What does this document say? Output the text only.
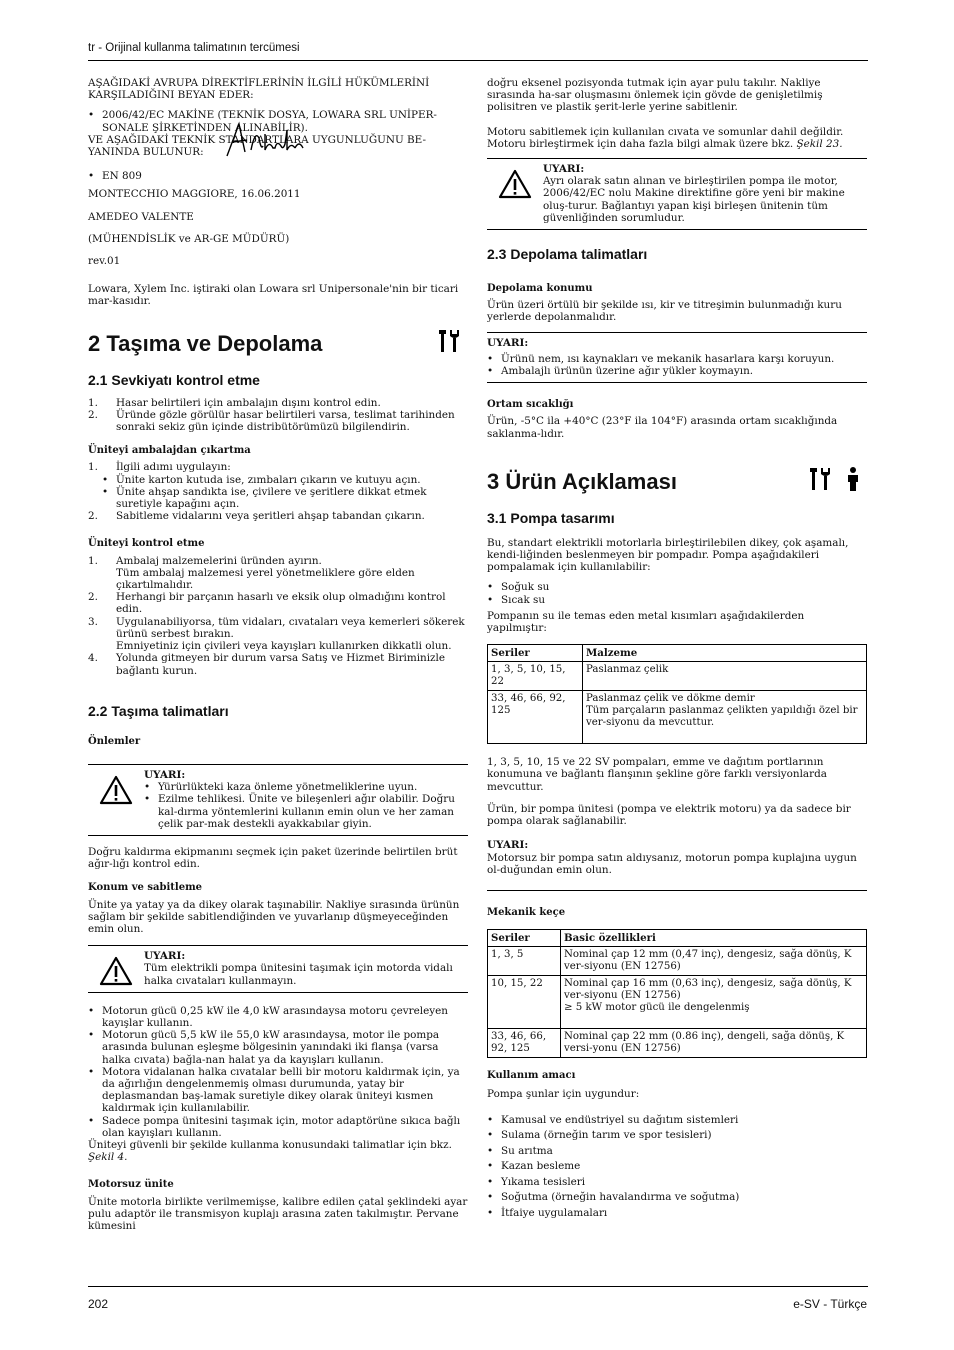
tr - Orijinal kullanma talimatının tercümesi

AŞAĞIDAKİ AVRUPA DİREKTİFLERİNİN İLGİLİ HÜKÜMLERİNİ KARŞILADIĞINI BEYAN EDER:

• 2006/42/EC MAKİNE (TEKNİK DOSYA, LOWARA SRL UNİPER-SONALE ŞİRKETİNDEN ALINABİLİR).

VE AŞAĞIDAKİ TEKNİK STANDARTLARA UYGUNLUĞUNU BE-YANINDA BULUNUR:

• EN 809

MONTECCHIO MAGGIORE, 16.06.2011

AMEDEO VALENTE

(MÜHENDİSLİK ve AR-GE MÜDÜRÜ)

rev.01

Lowara, Xylem Inc. iştiraki olan Lowara srl Unipersonale'nin bir ticari mar-kasıdır.

2 Taşıma ve Depolama
2.1 Sevkiyatı kontrol etme
1. Hasar belirtileri için ambalajın dışını kontrol edin.
2. Üründe gözle görülür hasar belirtileri varsa, teslimat tarihinden sonraki sekiz gün içinde distribütörümüzü bilgilendirin.

Üniteyi ambalajdan çıkartma

1. İlgili adımı uygulayın:
• Ünite karton kutuda ise, zımbaları çıkarın ve kutuyu açın.
• Ünite ahşap sandıkta ise, çivilere ve şeritlere dikkat etmek suretiyle kapağını açın.
2. Sabitleme vidalarını veya şeritleri ahşap tabandan çıkarın.

Üniteyi kontrol etme

1. Ambalaj malzemelerini üründen ayırın.
Tüm ambalaj malzemesi yerel yönetmeliklere göre elden çıkartılmalıdır.
2. Herhangi bir parçanın hasarlı ve eksik olup olmadığını kontrol edin.
3. Uygulanabiliyorsa, tüm vidaları, cıvataları veya kemerleri sökerek ürünü serbest bırakın.
Emniyetiniz için çivileri veya kayışları kullanırken dikkatli olun.
4. Yolunda gitmeyen bir durum varsa Satış ve Hizmet Biriminizle bağlantı kurun.
2.2 Taşıma talimatları

Önlemler

UYARI:

• Yürürlükteki kaza önleme yönetmeliklerine uyun.
• Ezilme tehlikesi. Ünite ve bileşenleri ağır olabilir. Doğru kal-dırma yöntemlerini kullanın emin olun ve her zaman çelik par-mak destekli ayakkabılar giyin.

Doğru kaldırma ekipmanını seçmek için paket üzerinde belirtilen brüt ağır-lığı kontrol edin.

Konum ve sabitleme

Ünite ya yatay ya da dikey olarak taşınabilir. Nakliye sırasında ürünün sağlam bir şekilde sabitlendiğinden ve yuvarlanıp düşmeyeceğinden emin olun.

UYARI:

Tüm elektrikli pompa ünitesini taşımak için motorda vidalı halka cıvataları kullanmayın.

• Motorun gücü 0,25 kW ile 4,0 kW arasındaysa motoru çevreleyen kayışlar kullanın.
• Motorun gücü 5,5 kW ile 55,0 kW arasındaysa, motor ile pompa arasında bulunan eşleşme bölgesinin yanındaki iki flanşa (varsa halka cıvata) bağla-nan halat ya da kayışları kullanın.
• Motora vidalanan halka cıvatalar belli bir motoru kaldırmak için, ya da ağırlığın dengelenmemiş olması durumunda, yatay bir deplasmandan baş-lamak suretiyle dikey olarak üniteyi kısmen kaldırmak için kullanılabilir.
• Sadece pompa ünitesini taşımak için, motor adaptörüne sıkıca bağlı olan kayışları kullanın.

Üniteyi güvenli bir şekilde kullanma konusundaki talimatlar için bkz. Şekil 4.

Motorsuz ünite

Ünite motorla birlikte verilmemişse, kalibre edilen çatal şeklindeki ayar pulu adaptör ile transmisyon kuplajı arasına zaten takılmıştır. Pervane kümesini

doğru eksenel pozisyonda tutmak için ayar pulu takılır. Nakliye sırasında ha-sar oluşmasını önlemek için gövde de genişletilmiş polisitren ve plastik şerit-lerle yerine sabitlenir.

Motoru sabitlemek için kullanılan cıvata ve somunlar dahil değildir. Motoru birleştirmek için daha fazla bilgi almak üzere bkz. Şekil 23.

UYARI:

Ayrı olarak satın alınan ve birleştirilen pompa ile motor, 2006/42/EC nolu Makine direktifine göre yeni bir makine oluş-turur. Bağlantıyı yapan kişi birleşen ünitenin tüm güvenliğinden sorumludur.

2.3 Depolama talimatları

Depolama konumu

Ürün üzeri örtülü bir şekilde ısı, kir ve titreşimin bulunmadığı kuru yerlerde depolanmalıdır.

UYARI:

• Ürünü nem, ısı kaynakları ve mekanik hasarlara karşı koruyun.
• Ambalajlı ürünün üzerine ağır yükler koymayın.

Ortam sıcaklığı

Ürün, -5°C ila +40°C (23°F ila 104°F) arasında ortam sıcaklığında saklanma-lıdır.

3 Ürün Açıklaması
3.1 Pompa tasarımı

Bu, standart elektrikli motorlarla birleştirilebilen dikey, çok aşamalı, kendi-liğinden beslenmeyen bir pompadır. Pompa aşağıdakileri pompalamak için kullanılabilir:

• Soğuk su
• Sıcak su

Pompanın su ile temas eden metal kısımları aşağıdakilerden yapılmıştır:

Seriler	Malzeme
1, 3, 5, 10, 15, 22	Paslanmaz çelik
33, 46, 66, 92, 125	Paslanmaz çelik ve dökme demir
Tüm parçaların paslanmaz çelikten yapıldığı özel bir ver-siyonu da mevcuttur.

1, 3, 5, 10, 15 ve 22 SV pompaları, emme ve dağıtım portlarının konumuna ve bağlantı flanşının şekline göre farklı versiyonlarda mevcuttur.

Ürün, bir pompa ünitesi (pompa ve elektrik motoru) ya da sadece bir pompa olarak sağlanabilir.

UYARI:

Motorsuz bir pompa satın aldıysanız, motorun pompa kuplajına uygun ol-duğundan emin olun.

Mekanik keçe

Seriler	Basic özellikleri
1, 3, 5	Nominal çap 12 mm (0,47 inç), dengesiz, sağa dönüş, K ver-siyonu (EN 12756)
10, 15, 22	Nominal çap 16 mm (0,63 inç), dengesiz, sağa dönüş, K ver-siyonu (EN 12756)
≥ 5 kW motor gücü ile dengelenmiş

33, 46, 66, 92, 125	Nominal çap 22 mm (0.86 inç), dengeli, sağa dönüş, K versi-yonu (EN 12756)

Kullanım amacı

Pompa şunlar için uygundur:

• Kamusal ve endüstriyel su dağıtım sistemleri
• Sulama (örneğin tarım ve spor tesisleri)
• Su arıtma
• Kazan besleme
• Yıkama tesisleri
• Soğutma (örneğin havalandırma ve soğutma)
• İtfaiye uygulamaları
202	e-SV - Türkçe
